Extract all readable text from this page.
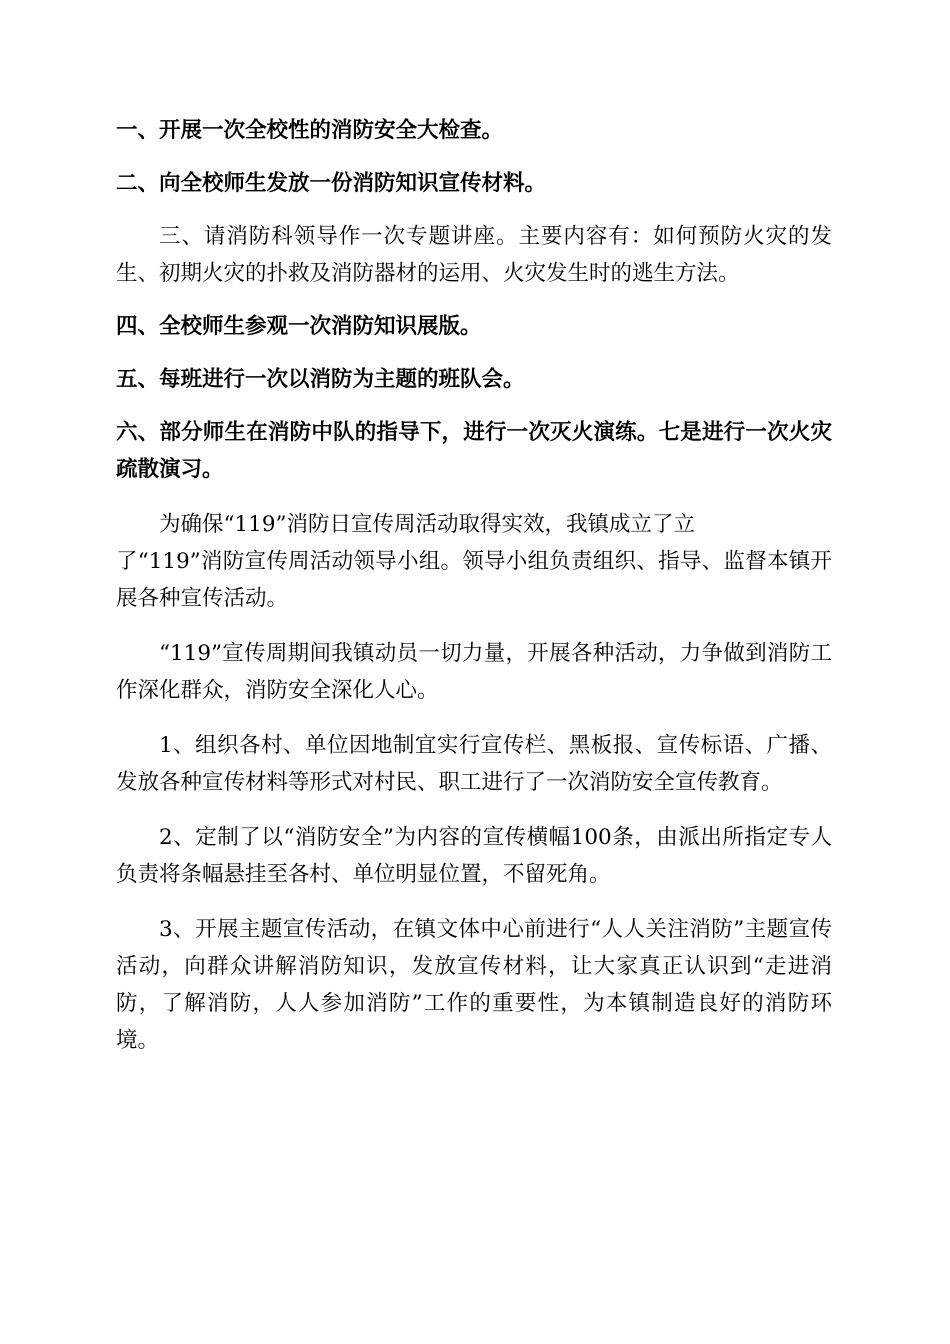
一、开展一次全校性的消防安全大检查。

二、向全校师生发放一份消防知识宣传材料。

三、请消防科领导作一次专题讲座。主要内容有：如何预防火灾的发生、初期火灾的扑救及消防器材的运用、火灾发生时的逃生方法。

四、全校师生参观一次消防知识展版。

五、每班进行一次以消防为主题的班队会。

六、部分师生在消防中队的指导下，进行一次灭火演练。七是进行一次火灾疏散演习。

为确保“119”消防日宣传周活动取得实效，我镇成立了立
了“119”消防宣传周活动领导小组。领导小组负责组织、指导、监督本镇开展各种宣传活动。

“119”宣传周期间我镇动员一切力量，开展各种活动，力争做到消防工作深化群众，消防安全深化人心。

1、组织各村、单位因地制宜实行宣传栏、黑板报、宣传标语、广播、发放各种宣传材料等形式对村民、职工进行了一次消防安全宣传教育。

2、定制了以“消防安全”为内容的宣传横幅100条，由派出所指定专人负责将条幅悬挂至各村、单位明显位置，不留死角。

3、开展主题宣传活动，在镇文体中心前进行“人人关注消防”主题宣传活动，向群众讲解消防知识，发放宣传材料，让大家真正认识到“走进消防，了解消防，人人参加消防”工作的重要性，为本镇制造良好的消防环境。
